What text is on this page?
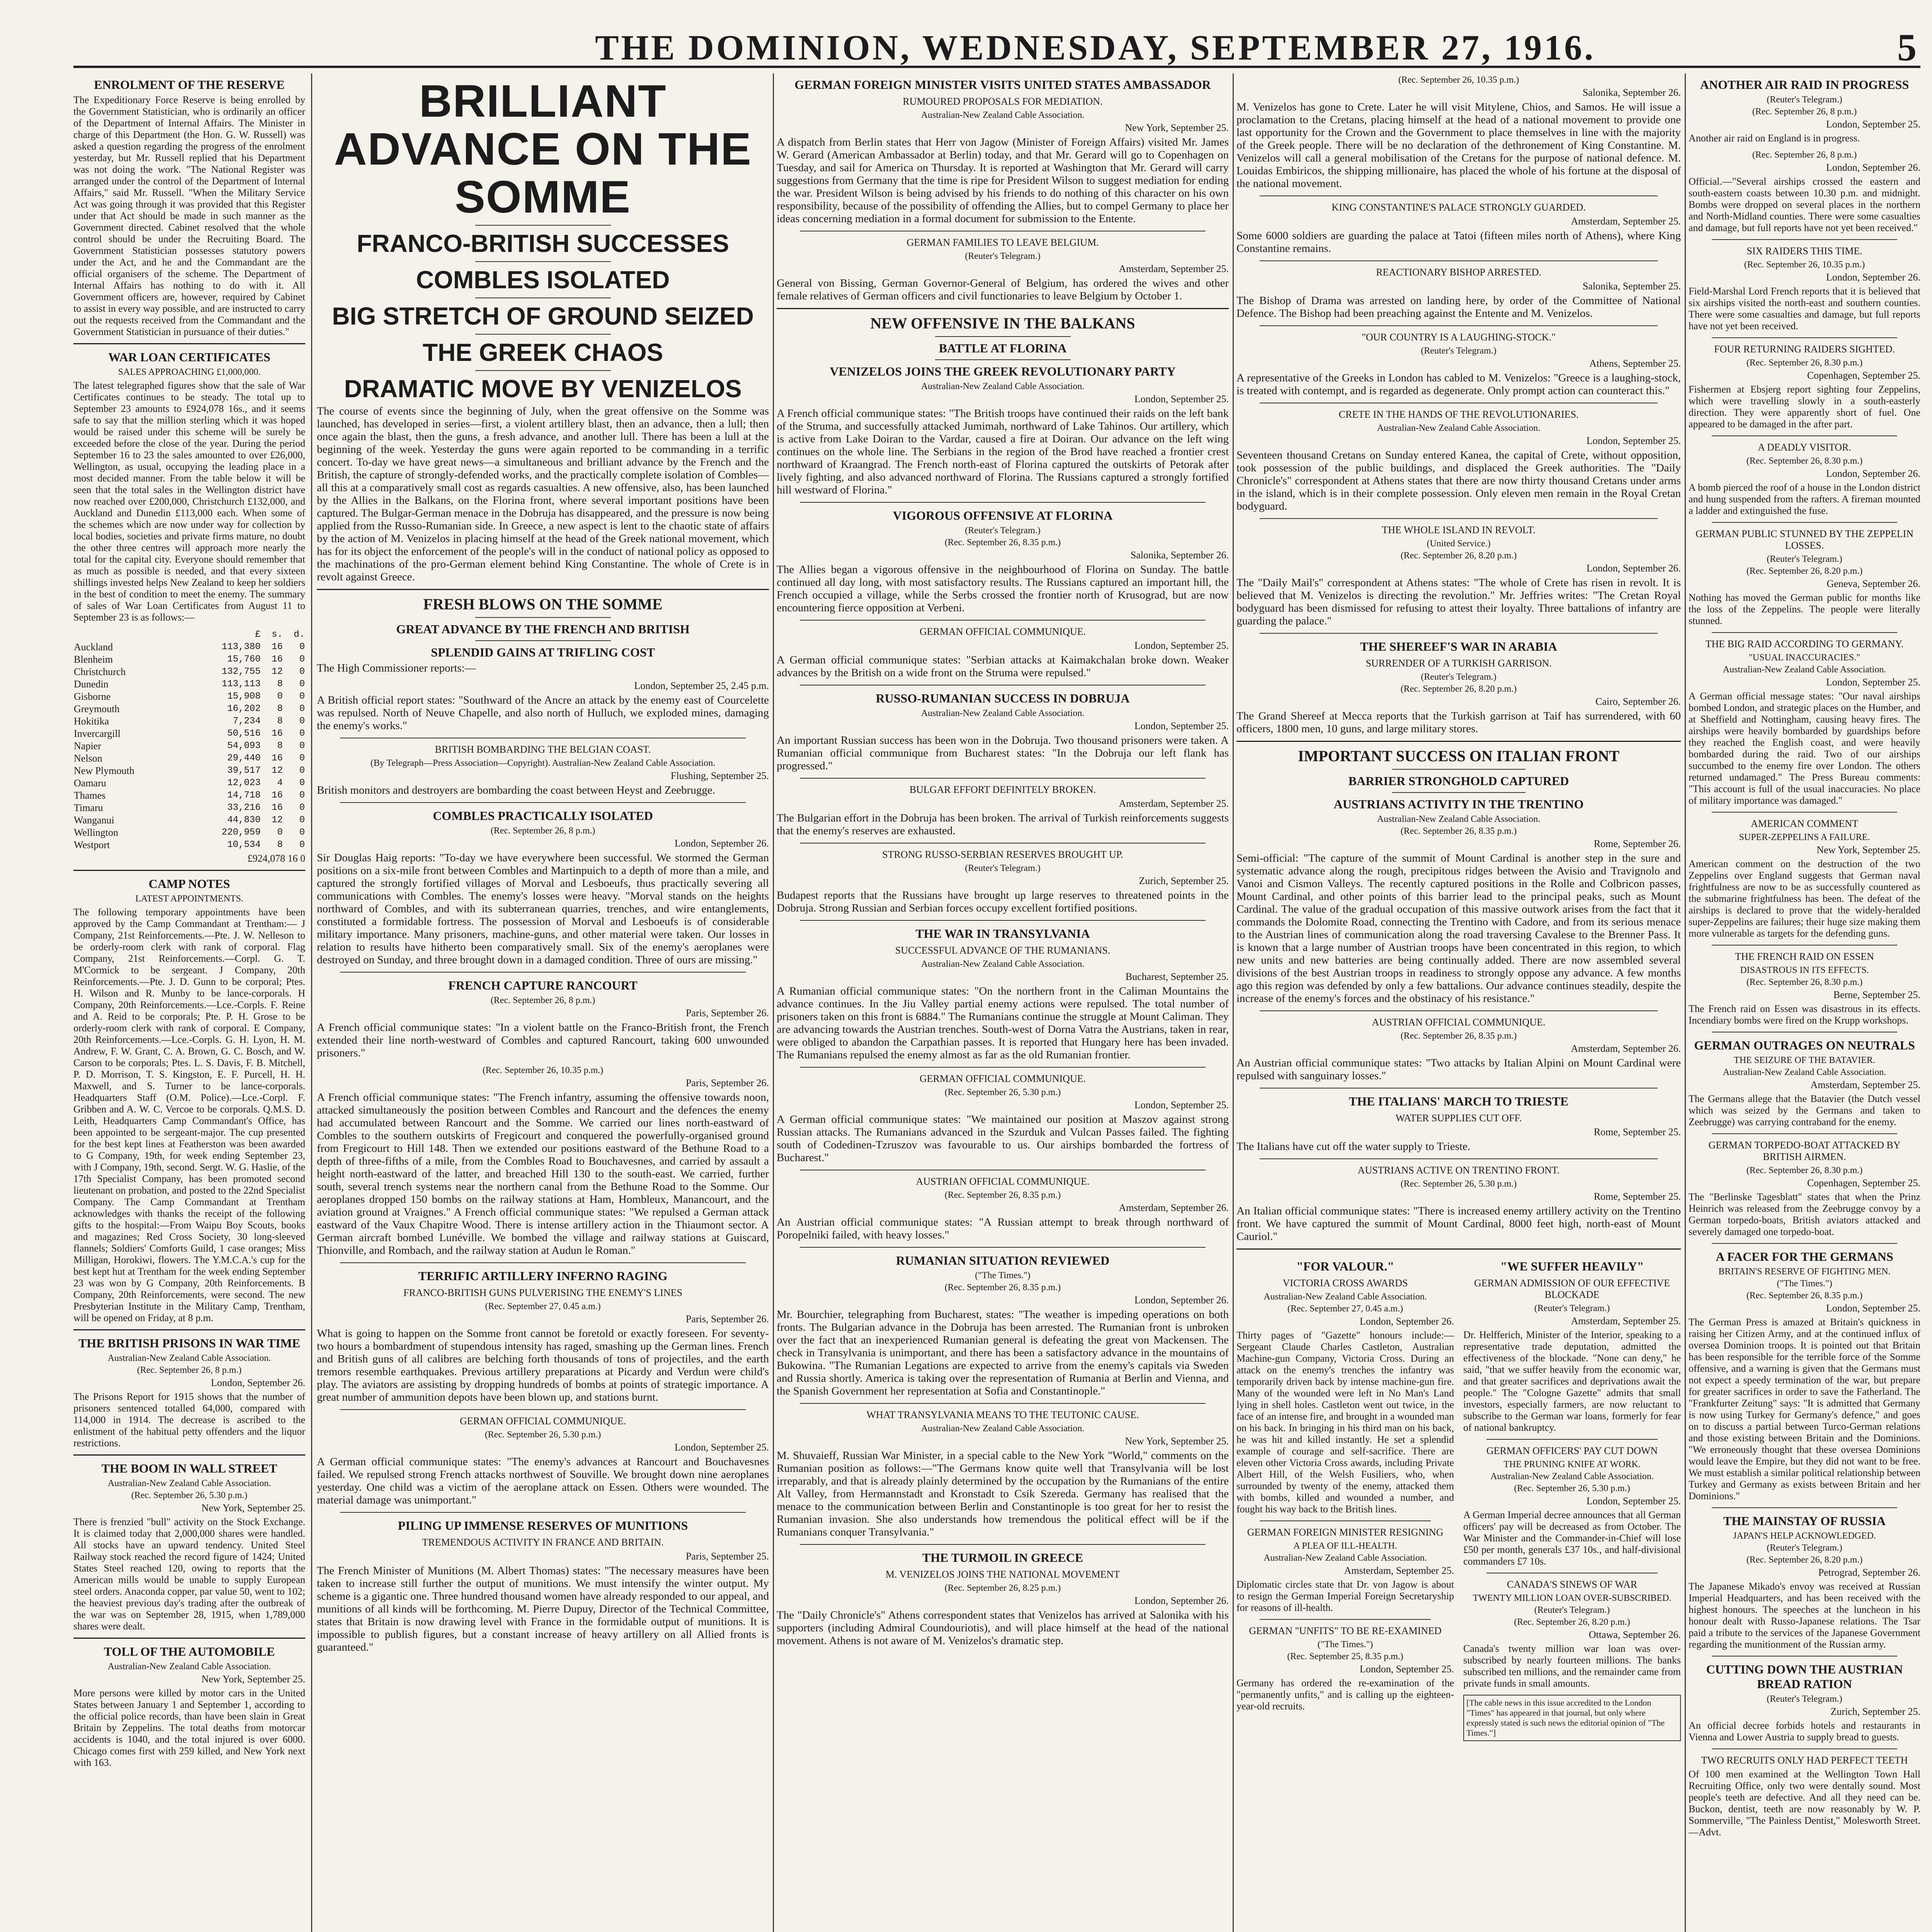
THE DOMINION, WEDNESDAY, SEPTEMBER 27, 1916.	5
ENROLMENT OF THE RESERVE
The Expeditionary Force Reserve is being enrolled by the Government Statistician, who is ordinarily an officer of the Department of Internal Affairs. The Minister in charge of this Department (the Hon. G. W. Russell) was asked a question regarding the progress of the enrolment yesterday, but Mr. Russell replied that his Department was not doing the work. "The National Register was arranged under the control of the Department of Internal Affairs," said Mr. Russell. "When the Military Service Act was going through it was provided that this Register under that Act should be made in such manner as the Government directed. Cabinet resolved that the whole control should be under the Recruiting Board. The Government Statistician possesses statutory powers under the Act, and he and the Commandant are the official organisers of the scheme. The Department of Internal Affairs has nothing to do with it. All Government officers are, however, required by Cabinet to assist in every way possible, and are instructed to carry out the requests received from the Commandant and the Government Statistician in pursuance of their duties."
WAR LOAN CERTIFICATES
SALES APPROACHING £1,000,000.
The latest telegraphed figures show that the sale of War Certificates continues to be steady. The total up to September 23 amounts to £924,078 16s., and it seems safe to say that the million sterling which it was hoped would be raised under this scheme will be surely be exceeded before the close of the year. During the period September 16 to 23 the sales amounted to over £26,000, Wellington, as usual, occupying the leading place in a most decided manner. From the table below it will be seen that the total sales in the Wellington district have now reached over £200,000, Christchurch £132,000, and Auckland and Dunedin £113,000 each. When some of the schemes which are now under way for collection by local bodies, societies and private firms mature, no doubt the other three centres will approach more nearly the total for the capital city. Everyone should remember that as much as possible is needed, and that every sixteen shillings invested helps New Zealand to keep her soldiers in the best of condition to meet the enemy. The summary of sales of War Loan Certificates from August 11 to September 23 is as follows:—
	£	s.	d.
Auckland	113,380	16	0
Blenheim	15,760	16	0
Christchurch	132,755	12	0
Dunedin	113,113	8	0
Gisborne	15,908	0	0
Greymouth	16,202	8	0
Hokitika	7,234	8	0
Invercargill	50,516	16	0
Napier	54,093	8	0
Nelson	29,440	16	0
New Plymouth	39,517	12	0
Oamaru	12,023	4	0
Thames	14,718	16	0
Timaru	33,216	16	0
Wanganui	44,830	12	0
Wellington	220,959	0	0
Westport	10,534	8	0
£924,078 16 0
CAMP NOTES
LATEST APPOINTMENTS.
The following temporary appointments have been approved by the Camp Commandant at Trentham:— J Company, 21st Reinforcements.—Pte. J. W. Nelleson to be orderly-room clerk with rank of corporal. Flag Company, 21st Reinforcements.—Corpl. G. T. M'Cormick to be sergeant. J Company, 20th Reinforcements.—Pte. J. D. Gunn to be corporal; Ptes. H. Wilson and R. Munby to be lance-corporals. H Company, 20th Reinforcements.—Lce.-Corpls. F. Reine and A. Reid to be corporals; Pte. P. H. Grose to be orderly-room clerk with rank of corporal. E Company, 20th Reinforcements.—Lce.-Corpls. G. H. Lyon, H. M. Andrew, F. W. Grant, C. A. Brown, G. C. Bosch, and W. Carson to be corporals; Ptes. L. S. Davis, F. B. Mitchell, P. D. Morrison, T. S. Kingston, E. F. Purcell, H. H. Maxwell, and S. Turner to be lance-corporals. Headquarters Staff (O.M. Police).—Lce.-Corpl. F. Gribben and A. W. C. Vercoe to be corporals. Q.M.S. D. Leith, Headquarters Camp Commandant's Office, has been appointed to be sergeant-major. The cup presented for the best kept lines at Featherston was been awarded to G Company, 19th, for week ending September 23, with J Company, 19th, second. Sergt. W. G. Haslie, of the 17th Specialist Company, has been promoted second lieutenant on probation, and posted to the 22nd Specialist Company. The Camp Commandant at Trentham acknowledges with thanks the receipt of the following gifts to the hospital:—From Waipu Boy Scouts, books and magazines; Red Cross Society, 30 long-sleeved flannels; Soldiers' Comforts Guild, 1 case oranges; Miss Milligan, Horokiwi, flowers. The Y.M.C.A.'s cup for the best kept hut at Trentham for the week ending September 23 was won by G Company, 20th Reinforcements. B Company, 20th Reinforcements, were second. The new Presbyterian Institute in the Military Camp, Trentham, will be opened on Friday, at 8 p.m.
THE BRITISH PRISONS IN WAR TIME
Australian-New Zealand Cable Association.
(Rec. September 26, 8 p.m.)
London, September 26.
The Prisons Report for 1915 shows that the number of prisoners sentenced totalled 64,000, compared with 114,000 in 1914. The decrease is ascribed to the enlistment of the habitual petty offenders and the liquor restrictions.
THE BOOM IN WALL STREET
Australian-New Zealand Cable Association.
(Rec. September 26, 5.30 p.m.)
New York, September 25.
There is frenzied "bull" activity on the Stock Exchange. It is claimed today that 2,000,000 shares were handled. All stocks have an upward tendency. United Steel Railway stock reached the record figure of 1424; United States Steel reached 120, owing to reports that the American mills would be unable to supply European steel orders. Anaconda copper, par value 50, went to 102; the heaviest previous day's trading after the outbreak of the war was on September 28, 1915, when 1,789,000 shares were dealt.
TOLL OF THE AUTOMOBILE
Australian-New Zealand Cable Association.
New York, September 25.
More persons were killed by motor cars in the United States between January 1 and September 1, according to the official police records, than have been slain in Great Britain by Zeppelins. The total deaths from motorcar accidents is 1040, and the total injured is over 6000. Chicago comes first with 259 killed, and New York next with 163.
BRILLIANT ADVANCE ON THE SOMME
FRANCO-BRITISH SUCCESSES
COMBLES ISOLATED
BIG STRETCH OF GROUND SEIZED
THE GREEK CHAOS
DRAMATIC MOVE BY VENIZELOS
The course of events since the beginning of July, when the great offensive on the Somme was launched, has developed in series—first, a violent artillery blast, then an advance, then a lull; then once again the blast, then the guns, a fresh advance, and another lull. There has been a lull at the beginning of the week. Yesterday the guns were again reported to be commanding in a terrific concert. To-day we have great news—a simultaneous and brilliant advance by the French and the British, the capture of strongly-defended works, and the practically complete isolation of Combles—all this at a comparatively small cost as regards casualties. A new offensive, also, has been launched by the Allies in the Balkans, on the Florina front, where several important positions have been captured. The Bulgar-German menace in the Dobruja has disappeared, and the pressure is now being applied from the Russo-Rumanian side. In Greece, a new aspect is lent to the chaotic state of affairs by the action of M. Venizelos in placing himself at the head of the Greek national movement, which has for its object the enforcement of the people's will in the conduct of national policy as opposed to the machinations of the pro-German element behind King Constantine. The whole of Crete is in revolt against Greece.
FRESH BLOWS ON THE SOMME
GREAT ADVANCE BY THE FRENCH AND BRITISH
SPLENDID GAINS AT TRIFLING COST
The High Commissioner reports:—
London, September 25, 2.45 p.m.
A British official report states: "Southward of the Ancre an attack by the enemy east of Courcelette was repulsed. North of Neuve Chapelle, and also north of Hulluch, we exploded mines, damaging the enemy's works."
BRITISH BOMBARDING THE BELGIAN COAST.
(By Telegraph—Press Association—Copyright). Australian-New Zealand Cable Association.
Flushing, September 25.
British monitors and destroyers are bombarding the coast between Heyst and Zeebrugge.
COMBLES PRACTICALLY ISOLATED
(Rec. September 26, 8 p.m.)
London, September 26.
Sir Douglas Haig reports: "To-day we have everywhere been successful. We stormed the German positions on a six-mile front between Combles and Martinpuich to a depth of more than a mile, and captured the strongly fortified villages of Morval and Lesboeufs, thus practically severing all communications with Combles. The enemy's losses were heavy. "Morval stands on the heights northward of Combles, and with its subterranean quarries, trenches, and wire entanglements, constituted a formidable fortress. The possession of Morval and Lesboeufs is of considerable military importance. Many prisoners, machine-guns, and other material were taken. Our losses in relation to results have hitherto been comparatively small. Six of the enemy's aeroplanes were destroyed on Sunday, and three brought down in a damaged condition. Three of ours are missing."
FRENCH CAPTURE RANCOURT
(Rec. September 26, 8 p.m.)
Paris, September 26.
A French official communique states: "In a violent battle on the Franco-British front, the French extended their line north-westward of Combles and captured Rancourt, taking 600 unwounded prisoners."
(Rec. September 26, 10.35 p.m.)
Paris, September 26.
A French official communique states: "The French infantry, assuming the offensive towards noon, attacked simultaneously the position between Combles and Rancourt and the defences the enemy had accumulated between Rancourt and the Somme. We carried our lines north-eastward of Combles to the southern outskirts of Fregicourt and conquered the powerfully-organised ground from Fregicourt to Hill 148. Then we extended our positions eastward of the Bethune Road to a depth of three-fifths of a mile, from the Combles Road to Bouchavesnes, and carried by assault a height north-eastward of the latter, and breached Hill 130 to the south-east. We carried, further south, several trench systems near the northern canal from the Bethune Road to the Somme. Our aeroplanes dropped 150 bombs on the railway stations at Ham, Hombleux, Manancourt, and the aviation ground at Vraignes." A French official communique states: "We repulsed a German attack eastward of the Vaux Chapitre Wood. There is intense artillery action in the Thiaumont sector. A German aircraft bombed Lunéville. We bombed the village and railway stations at Guiscard, Thionville, and Rombach, and the railway station at Audun le Roman."
TERRIFIC ARTILLERY INFERNO RAGING
FRANCO-BRITISH GUNS PULVERISING THE ENEMY'S LINES
(Rec. September 27, 0.45 a.m.)
Paris, September 26.
What is going to happen on the Somme front cannot be foretold or exactly foreseen. For seventy-two hours a bombardment of stupendous intensity has raged, smashing up the German lines. French and British guns of all calibres are belching forth thousands of tons of projectiles, and the earth tremors resemble earthquakes. Previous artillery preparations at Picardy and Verdun were child's play. The aviators are assisting by dropping hundreds of bombs at points of strategic importance. A great number of ammunition depots have been blown up, and stations burnt.
GERMAN OFFICIAL COMMUNIQUE.
(Rec. September 26, 5.30 p.m.)
London, September 25.
A German official communique states: "The enemy's advances at Rancourt and Bouchavesnes failed. We repulsed strong French attacks northwest of Souville. We brought down nine aeroplanes yesterday. One child was a victim of the aeroplane attack on Essen. Others were wounded. The material damage was unimportant."
PILING UP IMMENSE RESERVES OF MUNITIONS
TREMENDOUS ACTIVITY IN FRANCE AND BRITAIN.
Paris, September 25.
The French Minister of Munitions (M. Albert Thomas) states: "The necessary measures have been taken to increase still further the output of munitions. We must intensify the winter output. My scheme is a gigantic one. Three hundred thousand women have already responded to our appeal, and munitions of all kinds will be forthcoming. M. Pierre Dupuy, Director of the Technical Committee, states that Britain is now drawing level with France in the formidable output of munitions. It is impossible to publish figures, but a constant increase of heavy artillery on all Allied fronts is guaranteed."
GERMAN FOREIGN MINISTER VISITS UNITED STATES AMBASSADOR
RUMOURED PROPOSALS FOR MEDIATION.
Australian-New Zealand Cable Association.
New York, September 25.
A dispatch from Berlin states that Herr von Jagow (Minister of Foreign Affairs) visited Mr. James W. Gerard (American Ambassador at Berlin) today, and that Mr. Gerard will go to Copenhagen on Tuesday, and sail for America on Thursday. It is reported at Washington that Mr. Gerard will carry suggestions from Germany that the time is ripe for President Wilson to suggest mediation for ending the war. President Wilson is being advised by his friends to do nothing of this character on his own responsibility, because of the possibility of offending the Allies, but to compel Germany to place her ideas concerning mediation in a formal document for submission to the Entente.
GERMAN FAMILIES TO LEAVE BELGIUM.
(Reuter's Telegram.)
Amsterdam, September 25.
General von Bissing, German Governor-General of Belgium, has ordered the wives and other female relatives of German officers and civil functionaries to leave Belgium by October 1.
NEW OFFENSIVE IN THE BALKANS
BATTLE AT FLORINA
VENIZELOS JOINS THE GREEK REVOLUTIONARY PARTY
Australian-New Zealand Cable Association.
London, September 25.
A French official communique states: "The British troops have continued their raids on the left bank of the Struma, and successfully attacked Jumimah, northward of Lake Tahinos. Our artillery, which is active from Lake Doiran to the Vardar, caused a fire at Doiran. Our advance on the left wing continues on the whole line. The Serbians in the region of the Brod have reached a frontier crest northward of Kraangrad. The French north-east of Florina captured the outskirts of Petorak after lively fighting, and also advanced northward of Florina. The Russians captured a strongly fortified hill westward of Florina."
VIGOROUS OFFENSIVE AT FLORINA
(Reuter's Telegram.)
(Rec. September 26, 8.35 p.m.)
Salonika, September 26.
The Allies began a vigorous offensive in the neighbourhood of Florina on Sunday. The battle continued all day long, with most satisfactory results. The Russians captured an important hill, the French occupied a village, while the Serbs crossed the frontier north of Krusograd, but are now encountering fierce opposition at Verbeni.
GERMAN OFFICIAL COMMUNIQUE.
London, September 25.
A German official communique states: "Serbian attacks at Kaimakchalan broke down. Weaker advances by the British on a wide front on the Struma were repulsed."
RUSSO-RUMANIAN SUCCESS IN DOBRUJA
Australian-New Zealand Cable Association.
London, September 25.
An important Russian success has been won in the Dobruja. Two thousand prisoners were taken. A Rumanian official communique from Bucharest states: "In the Dobruja our left flank has progressed."
BULGAR EFFORT DEFINITELY BROKEN.
Amsterdam, September 25.
The Bulgarian effort in the Dobruja has been broken. The arrival of Turkish reinforcements suggests that the enemy's reserves are exhausted.
STRONG RUSSO-SERBIAN RESERVES BROUGHT UP.
(Reuter's Telegram.)
Zurich, September 25.
Budapest reports that the Russians have brought up large reserves to threatened points in the Dobruja. Strong Russian and Serbian forces occupy excellent fortified positions.
THE WAR IN TRANSYLVANIA
SUCCESSFUL ADVANCE OF THE RUMANIANS.
Australian-New Zealand Cable Association.
Bucharest, September 25.
A Rumanian official communique states: "On the northern front in the Caliman Mountains the advance continues. In the Jiu Valley partial enemy actions were repulsed. The total number of prisoners taken on this front is 6884." The Rumanians continue the struggle at Mount Caliman. They are advancing towards the Austrian trenches. South-west of Dorna Vatra the Austrians, taken in rear, were obliged to abandon the Carpathian passes. It is reported that Hungary here has been invaded. The Rumanians repulsed the enemy almost as far as the old Rumanian frontier.
GERMAN OFFICIAL COMMUNIQUE.
(Rec. September 26, 5.30 p.m.)
London, September 25.
A German official communique states: "We maintained our position at Maszov against strong Russian attacks. The Rumanians advanced in the Szurduk and Vulcan Passes failed. The fighting south of Codedinen-Tzruszov was favourable to us. Our airships bombarded the fortress of Bucharest."
AUSTRIAN OFFICIAL COMMUNIQUE.
(Rec. September 26, 8.35 p.m.)
Amsterdam, September 26.
An Austrian official communique states: "A Russian attempt to break through northward of Poropelniki failed, with heavy losses."
RUMANIAN SITUATION REVIEWED
("The Times.")
(Rec. September 26, 8.35 p.m.)
London, September 26.
Mr. Bourchier, telegraphing from Bucharest, states: "The weather is impeding operations on both fronts. The Bulgarian advance in the Dobruja has been arrested. The Rumanian front is unbroken over the fact that an inexperienced Rumanian general is defeating the great von Mackensen. The check in Transylvania is unimportant, and there has been a satisfactory advance in the mountains of Bukowina. "The Rumanian Legations are expected to arrive from the enemy's capitals via Sweden and Russia shortly. America is taking over the representation of Rumania at Berlin and Vienna, and the Spanish Government her representation at Sofia and Constantinople."
WHAT TRANSYLVANIA MEANS TO THE TEUTONIC CAUSE.
Australian-New Zealand Cable Association.
New York, September 25.
M. Shuvaieff, Russian War Minister, in a special cable to the New York "World," comments on the Rumanian position as follows:—"The Germans know quite well that Transylvania will be lost irreparably, and that is already plainly determined by the occupation by the Rumanians of the entire Alt Valley, from Hermannstadt and Kronstadt to Csik Szereda. Germany has realised that the menace to the communication between Berlin and Constantinople is too great for her to resist the Rumanian invasion. She also understands how tremendous the political effect will be if the Rumanians conquer Transylvania."
THE TURMOIL IN GREECE
M. VENIZELOS JOINS THE NATIONAL MOVEMENT
(Rec. September 26, 8.25 p.m.)
London, September 26.
The "Daily Chronicle's" Athens correspondent states that Venizelos has arrived at Salonika with his supporters (including Admiral Coundouriotis), and will place himself at the head of the national movement. Athens is not aware of M. Venizelos's dramatic step.
(Rec. September 26, 10.35 p.m.)
Salonika, September 26.
M. Venizelos has gone to Crete. Later he will visit Mitylene, Chios, and Samos. He will issue a proclamation to the Cretans, placing himself at the head of a national movement to provide one last opportunity for the Crown and the Government to place themselves in line with the majority of the Greek people. There will be no declaration of the dethronement of King Constantine. M. Venizelos will call a general mobilisation of the Cretans for the purpose of national defence. M. Louidas Embiricos, the shipping millionaire, has placed the whole of his fortune at the disposal of the national movement.
KING CONSTANTINE'S PALACE STRONGLY GUARDED.
Amsterdam, September 25.
Some 6000 soldiers are guarding the palace at Tatoi (fifteen miles north of Athens), where King Constantine remains.
REACTIONARY BISHOP ARRESTED.
Salonika, September 25.
The Bishop of Drama was arrested on landing here, by order of the Committee of National Defence. The Bishop had been preaching against the Entente and M. Venizelos.
"OUR COUNTRY IS A LAUGHING-STOCK."
(Reuter's Telegram.)
Athens, September 25.
A representative of the Greeks in London has cabled to M. Venizelos: "Greece is a laughing-stock, is treated with contempt, and is regarded as degenerate. Only prompt action can counteract this."
CRETE IN THE HANDS OF THE REVOLUTIONARIES.
Australian-New Zealand Cable Association.
London, September 25.
Seventeen thousand Cretans on Sunday entered Kanea, the capital of Crete, without opposition, took possession of the public buildings, and displaced the Greek authorities. The "Daily Chronicle's" correspondent at Athens states that there are now thirty thousand Cretans under arms in the island, which is in their complete possession. Only eleven men remain in the Royal Cretan bodyguard.
THE WHOLE ISLAND IN REVOLT.
(United Service.)
(Rec. September 26, 8.20 p.m.)
London, September 26.
The "Daily Mail's" correspondent at Athens states: "The whole of Crete has risen in revolt. It is believed that M. Venizelos is directing the revolution." Mr. Jeffries writes: "The Cretan Royal bodyguard has been dismissed for refusing to attest their loyalty. Three battalions of infantry are guarding the palace."
THE SHEREEF'S WAR IN ARABIA
SURRENDER OF A TURKISH GARRISON.
(Reuter's Telegram.)
(Rec. September 26, 8.20 p.m.)
Cairo, September 26.
The Grand Shereef at Mecca reports that the Turkish garrison at Taif has surrendered, with 60 officers, 1800 men, 10 guns, and large military stores.
IMPORTANT SUCCESS ON ITALIAN FRONT
BARRIER STRONGHOLD CAPTURED
AUSTRIANS ACTIVITY IN THE TRENTINO
Australian-New Zealand Cable Association.
(Rec. September 26, 8.35 p.m.)
Rome, September 26.
Semi-official: "The capture of the summit of Mount Cardinal is another step in the sure and systematic advance along the rough, precipitous ridges between the Avisio and Travignolo and Vanoi and Cismon Valleys. The recently captured positions in the Rolle and Colbricon passes, Mount Cardinal, and other points of this barrier lead to the principal peaks, such as Mount Cardinal. The value of the gradual occupation of this massive outwork arises from the fact that it commands the Dolomite Road, connecting the Trentino with Cadore, and from its serious menace to the Austrian lines of communication along the road traversing Cavalese to the Brenner Pass. It is known that a large number of Austrian troops have been concentrated in this region, to which new units and new batteries are being continually added. There are now assembled several divisions of the best Austrian troops in readiness to strongly oppose any advance. A few months ago this region was defended by only a few battalions. Our advance continues steadily, despite the increase of the enemy's forces and the obstinacy of his resistance."
AUSTRIAN OFFICIAL COMMUNIQUE.
(Rec. September 26, 8.35 p.m.)
Amsterdam, September 26.
An Austrian official communique states: "Two attacks by Italian Alpini on Mount Cardinal were repulsed with sanguinary losses."
THE ITALIANS' MARCH TO TRIESTE
WATER SUPPLIES CUT OFF.
Rome, September 25.
The Italians have cut off the water supply to Trieste.
AUSTRIANS ACTIVE ON TRENTINO FRONT.
(Rec. September 26, 5.30 p.m.)
Rome, September 25.
An Italian official communique states: "There is increased enemy artillery activity on the Trentino front. We have captured the summit of Mount Cardinal, 8000 feet high, north-east of Mount Cauriol."
"FOR VALOUR."
VICTORIA CROSS AWARDS
Australian-New Zealand Cable Association.
(Rec. September 27, 0.45 a.m.)
London, September 26.
Thirty pages of "Gazette" honours include:— Sergeant Claude Charles Castleton, Australian Machine-gun Company, Victoria Cross. During an attack on the enemy's trenches the infantry was temporarily driven back by intense machine-gun fire. Many of the wounded were left in No Man's Land lying in shell holes. Castleton went out twice, in the face of an intense fire, and brought in a wounded man on his back. In bringing in his third man on his back, he was hit and killed instantly. He set a splendid example of courage and self-sacrifice. There are eleven other Victoria Cross awards, including Private Albert Hill, of the Welsh Fusiliers, who, when surrounded by twenty of the enemy, attacked them with bombs, killed and wounded a number, and fought his way back to the British lines.
GERMAN FOREIGN MINISTER RESIGNING
A PLEA OF ILL-HEALTH.
Australian-New Zealand Cable Association.
Amsterdam, September 25.
Diplomatic circles state that Dr. von Jagow is about to resign the German Imperial Foreign Secretaryship for reasons of ill-health.
GERMAN "UNFITS" TO BE RE-EXAMINED
("The Times.")
(Rec. September 25, 8.35 p.m.)
London, September 25.
Germany has ordered the re-examination of the "permanently unfits," and is calling up the eighteen-year-old recruits.
"WE SUFFER HEAVILY"
GERMAN ADMISSION OF OUR EFFECTIVE BLOCKADE
(Reuter's Telegram.)
Amsterdam, September 25.
Dr. Helfferich, Minister of the Interior, speaking to a representative trade deputation, admitted the effectiveness of the blockade. "None can deny," he said, "that we suffer heavily from the economic war, and that greater sacrifices and deprivations await the people." The "Cologne Gazette" admits that small investors, especially farmers, are now reluctant to subscribe to the German war loans, formerly for fear of national bankruptcy.
GERMAN OFFICERS' PAY CUT DOWN
THE PRUNING KNIFE AT WORK.
Australian-New Zealand Cable Association.
(Rec. September 26, 5.30 p.m.)
London, September 25.
A German Imperial decree announces that all German officers' pay will be decreased as from October. The War Minister and the Commander-in-Chief will lose £50 per month, generals £37 10s., and half-divisional commanders £7 10s.
CANADA'S SINEWS OF WAR
TWENTY MILLION LOAN OVER-SUBSCRIBED.
(Reuter's Telegram.)
(Rec. September 26, 8.20 p.m.)
Ottawa, September 26.
Canada's twenty million war loan was over-subscribed by nearly fourteen millions. The banks subscribed ten millions, and the remainder came from private funds in small amounts.
[The cable news in this issue accredited to the London "Times" has appeared in that journal, but only where expressly stated is such news the editorial opinion of "The Times."]
ANOTHER AIR RAID IN PROGRESS
(Reuter's Telegram.)
(Rec. September 26, 8 p.m.)
London, September 25.
Another air raid on England is in progress.
(Rec. September 26, 8 p.m.)
London, September 26.
Official.—"Several airships crossed the eastern and south-eastern coasts between 10.30 p.m. and midnight. Bombs were dropped on several places in the northern and North-Midland counties. There were some casualties and damage, but full reports have not yet been received."
SIX RAIDERS THIS TIME.
(Rec. September 26, 10.35 p.m.)
London, September 26.
Field-Marshal Lord French reports that it is believed that six airships visited the north-east and southern counties. There were some casualties and damage, but full reports have not yet been received.
FOUR RETURNING RAIDERS SIGHTED.
(Rec. September 26, 8.30 p.m.)
Copenhagen, September 25.
Fishermen at Ebsjerg report sighting four Zeppelins, which were travelling slowly in a south-easterly direction. They were apparently short of fuel. One appeared to be damaged in the after part.
A DEADLY VISITOR.
(Rec. September 26, 8.30 p.m.)
London, September 26.
A bomb pierced the roof of a house in the London district and hung suspended from the rafters. A fireman mounted a ladder and extinguished the fuse.
GERMAN PUBLIC STUNNED BY THE ZEPPELIN LOSSES.
(Reuter's Telegram.)
(Rec. September 26, 8.20 p.m.)
Geneva, September 26.
Nothing has moved the German public for months like the loss of the Zeppelins. The people were literally stunned.
THE BIG RAID ACCORDING TO GERMANY.
"USUAL INACCURACIES."
Australian-New Zealand Cable Association.
London, September 25.
A German official message states: "Our naval airships bombed London, and strategic places on the Humber, and at Sheffield and Nottingham, causing heavy fires. The airships were heavily bombarded by guardships before they reached the English coast, and were heavily bombarded during the raid. Two of our airships succumbed to the enemy fire over London. The others returned undamaged." The Press Bureau comments: "This account is full of the usual inaccuracies. No place of military importance was damaged."
AMERICAN COMMENT
SUPER-ZEPPELINS A FAILURE.
New York, September 25.
American comment on the destruction of the two Zeppelins over England suggests that German naval frightfulness are now to be as successfully countered as the submarine frightfulness has been. The defeat of the airships is declared to prove that the widely-heralded super-Zeppelins are failures; their huge size making them more vulnerable as targets for the defending guns.
THE FRENCH RAID ON ESSEN
DISASTROUS IN ITS EFFECTS.
(Rec. September 26, 8.30 p.m.)
Berne, September 25.
The French raid on Essen was disastrous in its effects. Incendiary bombs were fired on the Krupp workshops.
GERMAN OUTRAGES ON NEUTRALS
THE SEIZURE OF THE BATAVIER.
Australian-New Zealand Cable Association.
Amsterdam, September 25.
The Germans allege that the Batavier (the Dutch vessel which was seized by the Germans and taken to Zeebrugge) was carrying contraband for the enemy.
GERMAN TORPEDO-BOAT ATTACKED BY BRITISH AIRMEN.
(Rec. September 26, 8.30 p.m.)
Copenhagen, September 25.
The "Berlinske Tagesblatt" states that when the Prinz Heinrich was released from the Zeebrugge convoy by a German torpedo-boats, British aviators attacked and severely damaged one torpedo-boat.
A FACER FOR THE GERMANS
BRITAIN'S RESERVE OF FIGHTING MEN.
("The Times.")
(Rec. September 26, 8.35 p.m.)
London, September 25.
The German Press is amazed at Britain's quickness in raising her Citizen Army, and at the continued influx of oversea Dominion troops. It is pointed out that Britain has been responsible for the terrible force of the Somme offensive, and a warning is given that the Germans must not expect a speedy termination of the war, but prepare for greater sacrifices in order to save the Fatherland. The "Frankfurter Zeitung" says: "It is admitted that Germany is now using Turkey for Germany's defence," and goes on to discuss a partial between Turco-German relations and those existing between Britain and the Dominions. "We erroneously thought that these oversea Dominions would leave the Empire, but they did not want to be free. We must establish a similar political relationship between Turkey and Germany as exists between Britain and her Dominions."
THE MAINSTAY OF RUSSIA
JAPAN'S HELP ACKNOWLEDGED.
(Reuter's Telegram.)
(Rec. September 26, 8.20 p.m.)
Petrograd, September 26.
The Japanese Mikado's envoy was received at Russian Imperial Headquarters, and has been received with the highest honours. The speeches at the luncheon in his honour dealt with Russo-Japanese relations. The Tsar paid a tribute to the services of the Japanese Government regarding the munitionment of the Russian army.
CUTTING DOWN THE AUSTRIAN BREAD RATION
(Reuter's Telegram.)
Zurich, September 25.
An official decree forbids hotels and restaurants in Vienna and Lower Austria to supply bread to guests.
TWO RECRUITS ONLY HAD PERFECT TEETH
Of 100 men examined at the Wellington Town Hall Recruiting Office, only two were dentally sound. Most people's teeth are defective. And all they need can be. Buckon, dentist, teeth are now reasonably by W. P. Sommerville, "The Painless Dentist," Molesworth Street.—Advt.
